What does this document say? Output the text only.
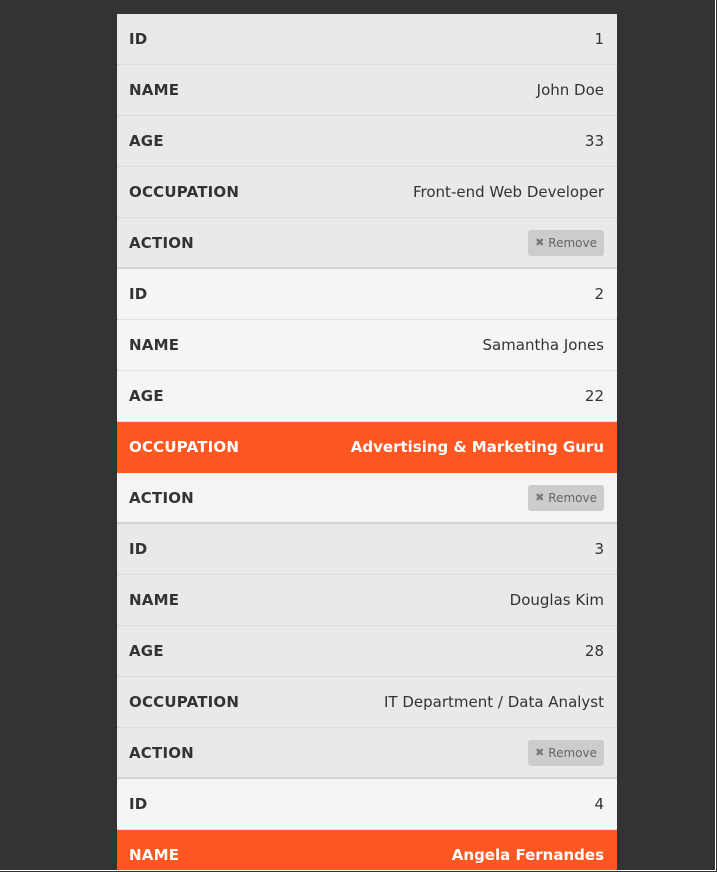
ID	1
NAME	John Doe
AGE	33
OCCUPATION	Front-end Web Developer
ACTION	✖ Remove
ID	2
NAME	Samantha Jones
AGE	22
OCCUPATION	Advertising & Marketing Guru
ACTION	✖ Remove
ID	3
NAME	Douglas Kim
AGE	28
OCCUPATION	IT Department / Data Analyst
ACTION	✖ Remove
ID	4
NAME	Angela Fernandes
